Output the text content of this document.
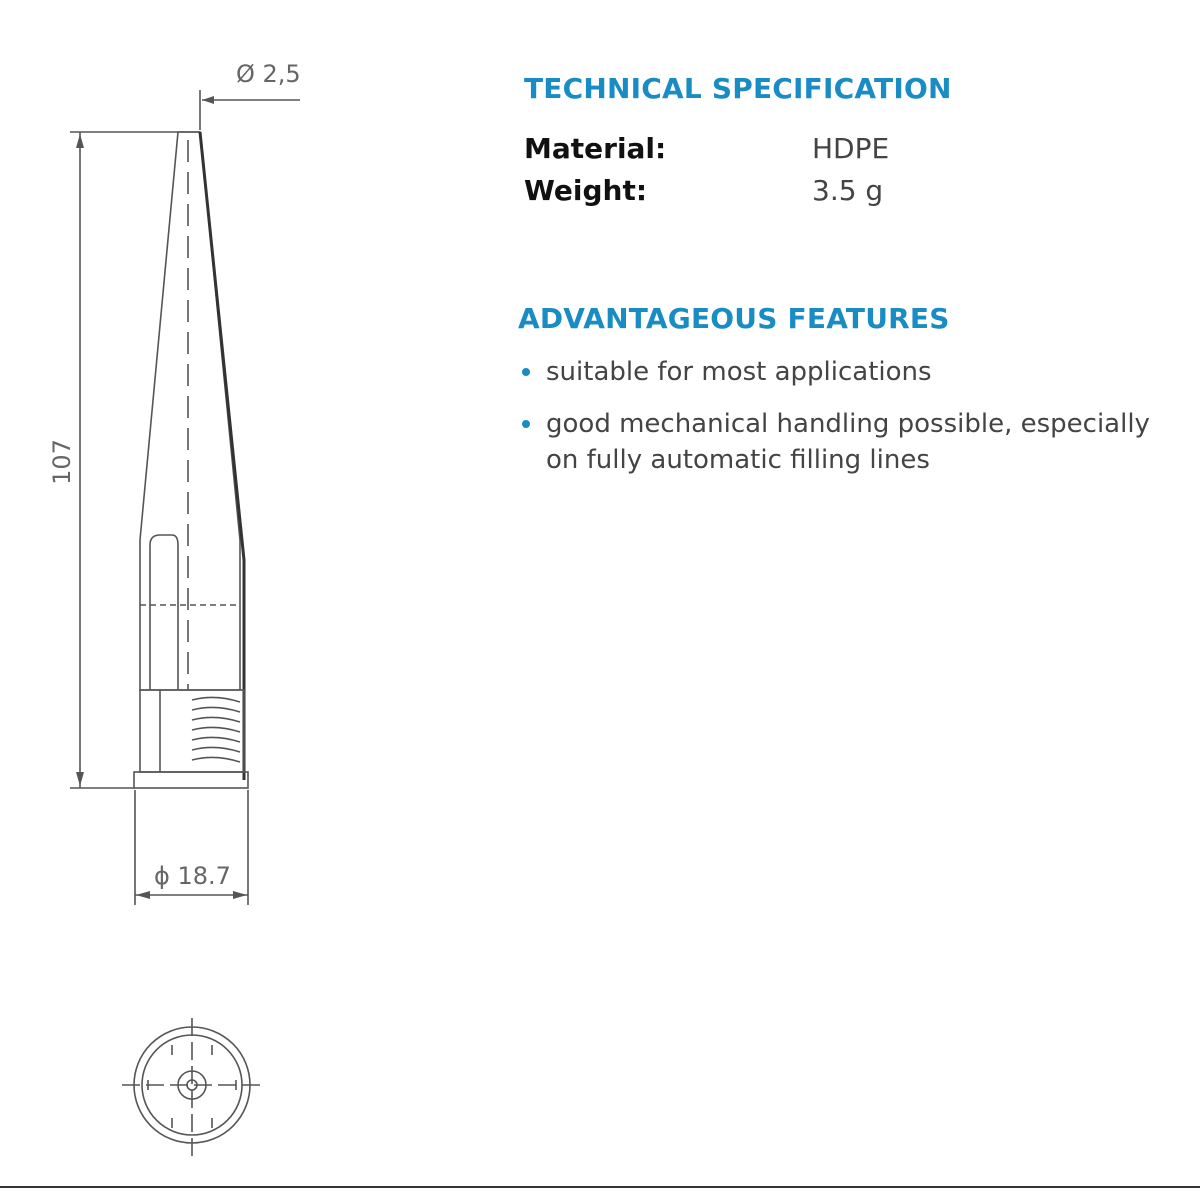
Ø 2,5
107
ϕ 18.7
TECHNICAL SPECIFICATION
Material:	HDPE
Weight:	3.5 g
ADVANTAGEOUS FEATURES
suitable for most applications
good mechanical handling possible, especially on fully automatic filling lines
